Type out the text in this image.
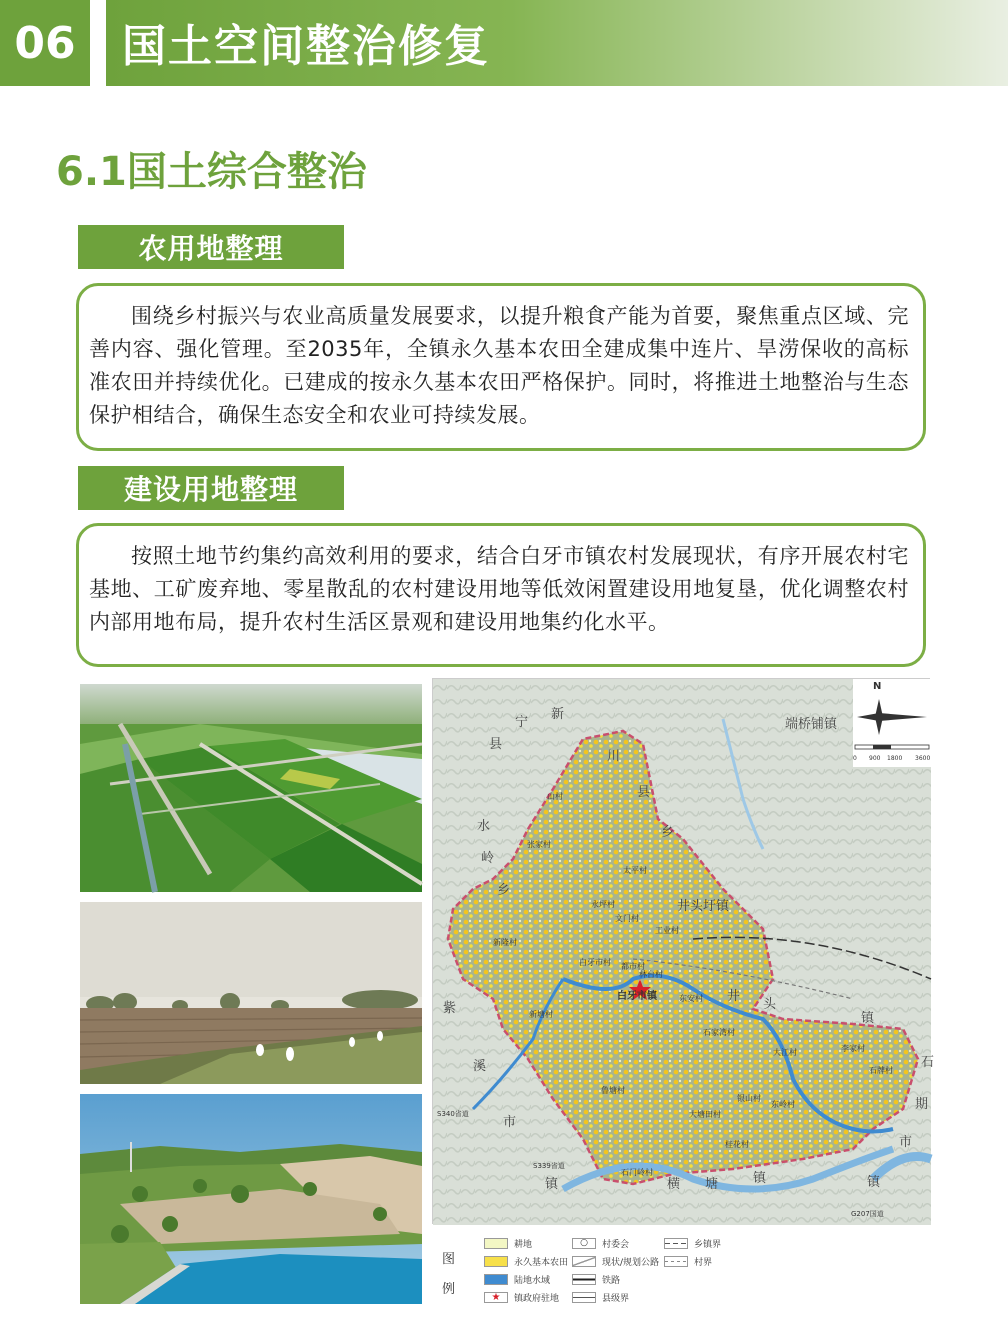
06	国土空间整治修复
6.1国土综合整治
农用地整理

围绕乡村振兴与农业高质量发展要求，以提升粮食产能为首要，聚焦重点区域、完善内容、强化管理。至2035年，全镇永久基本农田全建成集中连片、旱涝保收的高标准农田并持续优化。已建成的按永久基本农田严格保护。同时，将推进土地整治与生态保护相结合，确保生态安全和农业可持续发展。

建设用地整理

按照土地节约集约高效利用的要求，结合白牙市镇农村发展现状，有序开展农村宅基地、工矿废弃地、零星散乱的农村建设用地等低效闲置建设用地复垦，优化调整农村内部用地布局，提升农村生活区景观和建设用地集约化水平。

N
0 900 1800 3600
宁
新
县
川
县
乡
水
岭
乡
紫
溪
市
镇
端桥铺镇
井头圩镇
井
头
镇
石
期
市
横 塘	镇	镇
S339省道
S340省道
G207国道
白牙市镇
山村
太平村
张家村
永坪村
文门村
工业村
新隆村
白牙市村 都市村
林台村
新塘村
东安村
石家湾村
大江村	李家村
石牌村
鲁塘村
大塘田村
银山村
东岭村
桂花村
石门岭村
图
例
耕地
永久基本农田
陆地水域
★	镇政府驻地
○	村委会
现状/规划公路
铁路
县级界
乡镇界
村界
